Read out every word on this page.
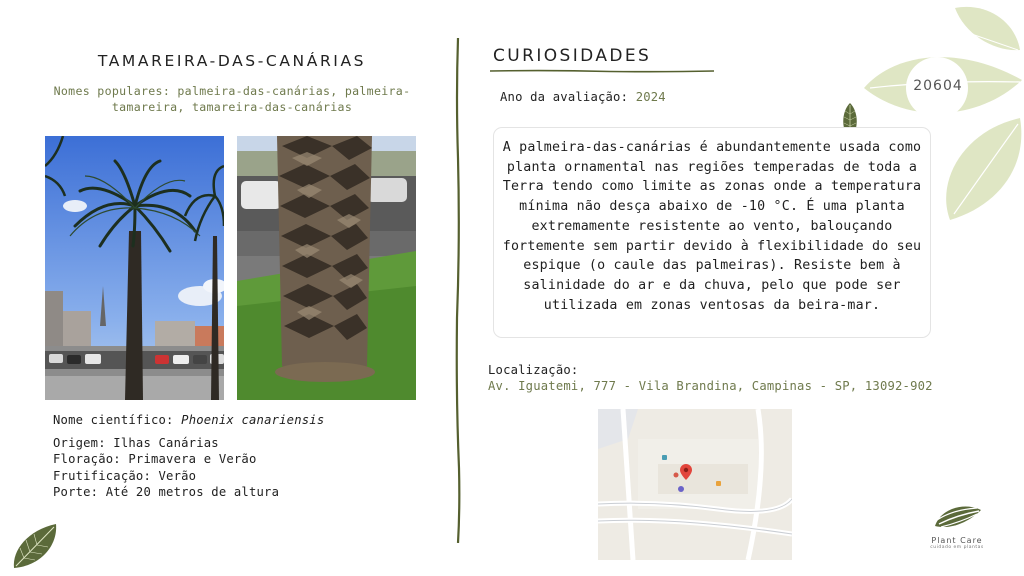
TAMAREIRA-DAS-CANÁRIAS
Nomes populares: palmeira-das-canárias, palmeira-tamareira, tamareira-das-canárias
Nome científico: Phoenix canariensis
Origem: Ilhas Canárias
Floração: Primavera e Verão
Frutificação: Verão
Porte: Até 20 metros de altura
CURIOSIDADES
Ano da avaliação: 2024

A palmeira-das-canárias é abundantemente usada como planta ornamental nas regiões temperadas de toda a Terra tendo como limite as zonas onde a temperatura mínima não desça abaixo de -10 °C. É uma planta extremamente resistente ao vento, balouçando fortemente sem partir devido à flexibilidade do seu espique (o caule das palmeiras). Resiste bem à salinidade do ar e da chuva, pelo que pode ser utilizada em zonas ventosas da beira-mar.

Localização:
Av. Iguatemi, 777 - Vila Brandina, Campinas - SP, 13092-902
20604
Plant Care
cuidado em plantas
